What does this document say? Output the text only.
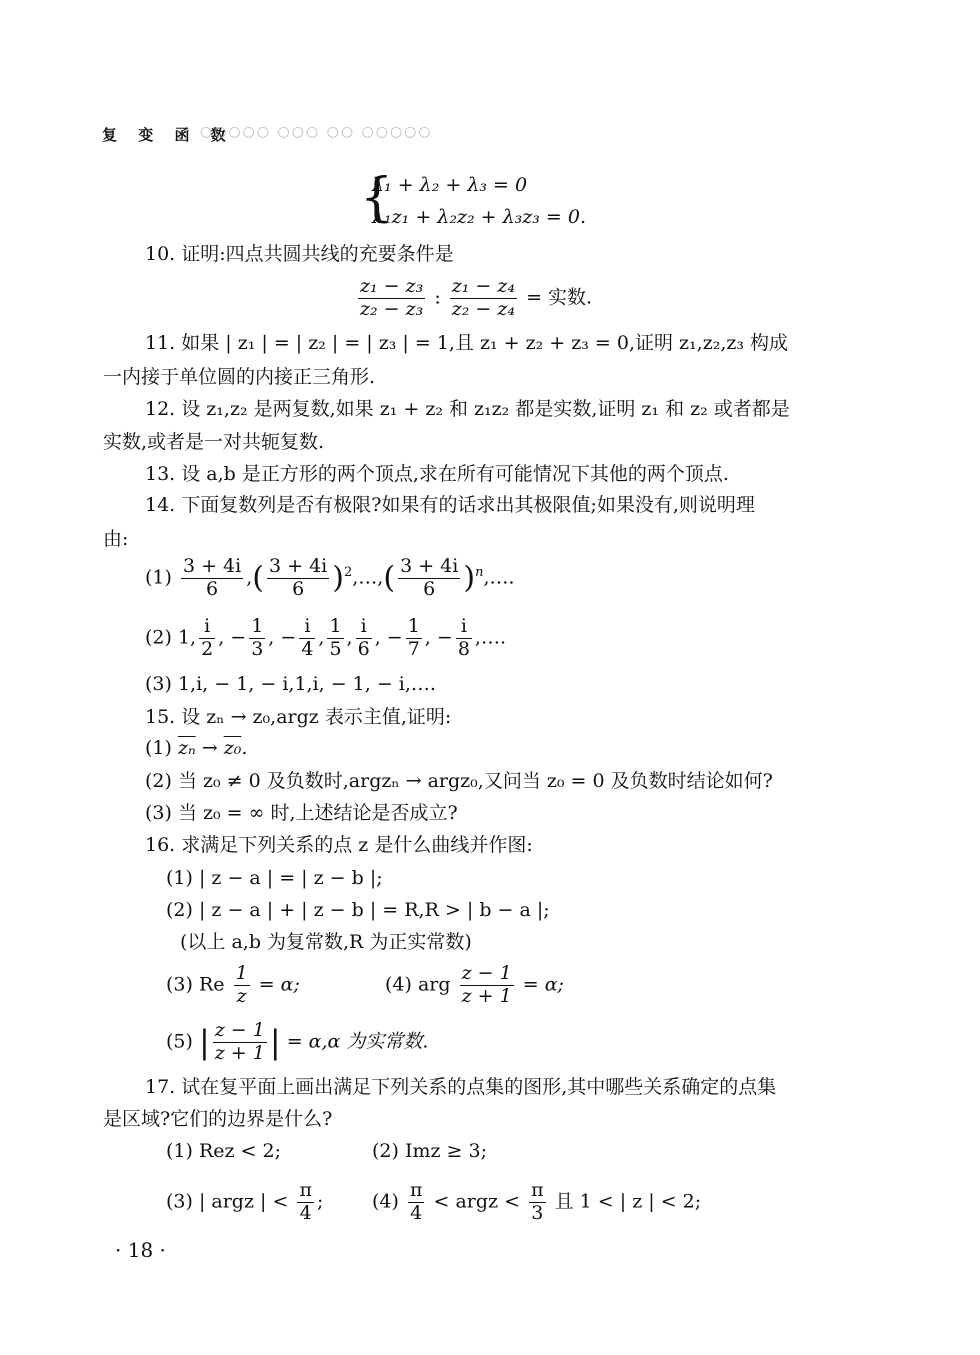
复 变 函 数
○○○○○ ○○○ ○○ ○○○○○
{
λ₁ + λ₂ + λ₃ = 0
λ₁z₁ + λ₂z₂ + λ₃z₃ = 0.
10. 证明:四点共圆共线的充要条件是
$\frac{\text{z₁ − z₃}}{\text{z₂ − z₃}}$ : $\frac{\text{z₁ − z₄}}{\text{z₂ − z₄}}$ = 实数.
11. 如果 | z₁ | = | z₂ | = | z₃ | = 1,且 z₁ + z₂ + z₃ = 0,证明 z₁,z₂,z₃ 构成
一内接于单位圆的内接正三角形.
12. 设 z₁,z₂ 是两复数,如果 z₁ + z₂ 和 z₁z₂ 都是实数,证明 z₁ 和 z₂ 或者都是
实数,或者是一对共轭复数.
13. 设 a,b 是正方形的两个顶点,求在所有可能情况下其他的两个顶点.
14. 下面复数列是否有极限?如果有的话求出其极限值;如果没有,则说明理
由:
$(1) \frac{3 + 4i}{6}$ ,( $\frac{3 + 4i}{6}$ )$^2$,…,( $\frac{3 + 4i}{6}$ )$^n$,….
(2) 1, $\frac{i}{2}$ , − $\frac{1}{3}$ , − $\frac{i}{4}$ , $\frac{1}{5}$ , $\frac{i}{6}$ , − $\frac{1}{7}$ , − $\frac{i}{8}$ ,….
(3) 1,i, − 1, − i,1,i, − 1, − i,….
15. 设 zₙ → z₀,argz 表示主值,证明:
(1) $\overline{z_n} \to z_0$.
(2) 当 z₀ ≠ 0 及负数时,argzₙ → argz₀,又问当 z₀ = 0 及负数时结论如何?
(3) 当 z₀ = ∞ 时,上述结论是否成立?
16. 求满足下列关系的点 z 是什么曲线并作图:
(1) | z − a | = | z − b |;
(2) | z − a | + | z − b | = R,R > | b − a |;
(以上 a,b 为复常数,R 为正实常数)
(3) Re $\frac{1}{z} = \alpha$;	(4) arg $\frac{z - 1}{z + 1} = \alpha$;
(5) | $\frac{z - 1}{z + 1}$ | = α,α 为实常数.
17. 试在复平面上画出满足下列关系的点集的图形,其中哪些关系确定的点集
是区域?它们的边界是什么?
(1) Rez < 2;	(2) Imz ≥ 3;
(3) | argz | < $\frac{\pi}{4}$ ;	$(4) \frac{\pi}{4}$ < argz < $\frac{\pi}{3}$ 且 1 < | z | < 2;
· 18 ·
